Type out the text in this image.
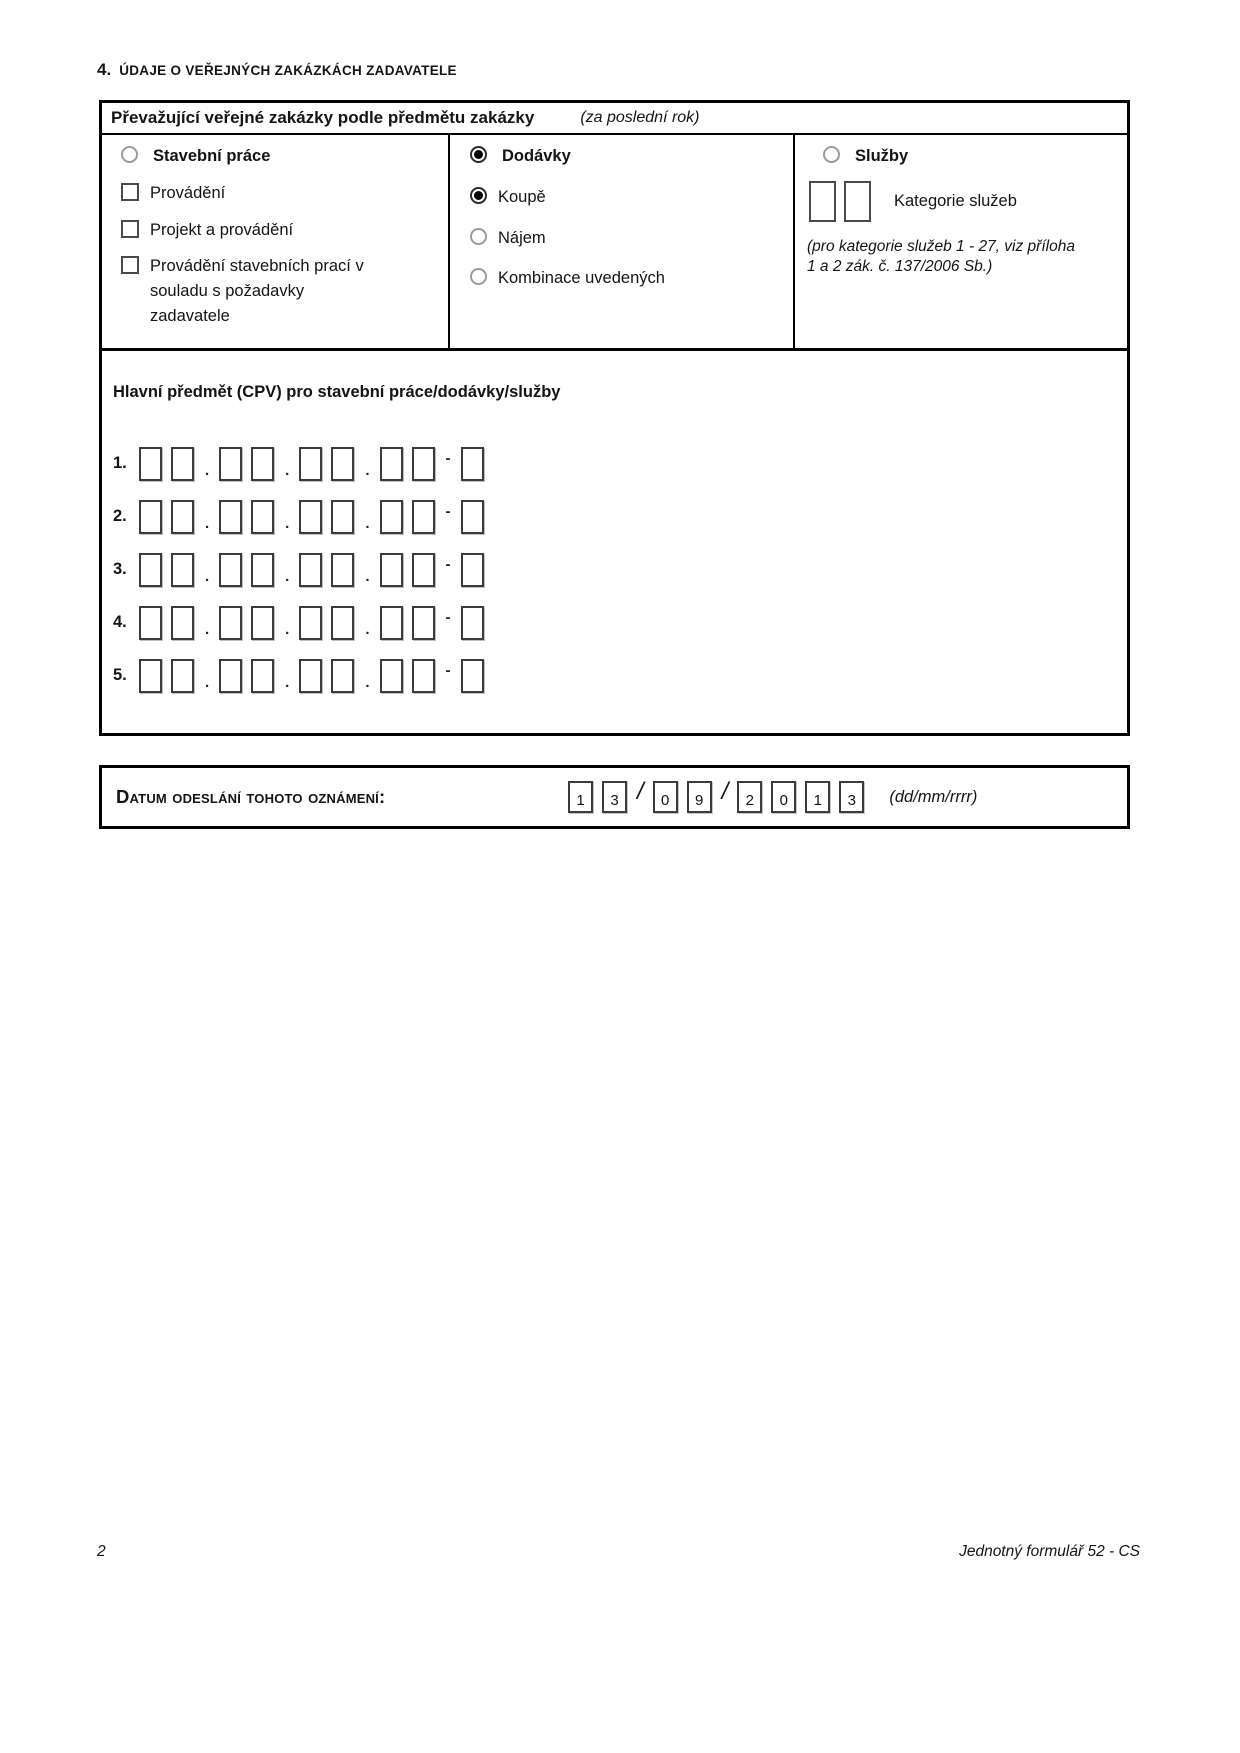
4. ÚDAJE O VEŘEJNÝCH ZAKÁZKÁCH ZADAVATELE
Převažující veřejné zakázky podle předmětu zakázky	(za poslední rok)
Stavební práce
Provádění
Projekt a provádění
Provádění stavebních prací v souladu s požadavky zadavatele
Dodávky
Koupě
Nájem
Kombinace uvedených
Služby
Kategorie služeb
(pro kategorie služeb 1 - 27, viz příloha
1 a 2 zák. č. 137/2006 Sb.)
Hlavní předmět (CPV) pro stavební práce/dodávky/služby
1.	.	.	.
-
2.	.	.	.
-
3.	.	.	.
-
4.	.	.	.
-
5.	.	.	.
-
Datum odeslání tohoto oznámení:	1	3 /	0	9 /	2	0	1	3	(dd/mm/rrrr)
2	Jednotný formulář 52 - CS
